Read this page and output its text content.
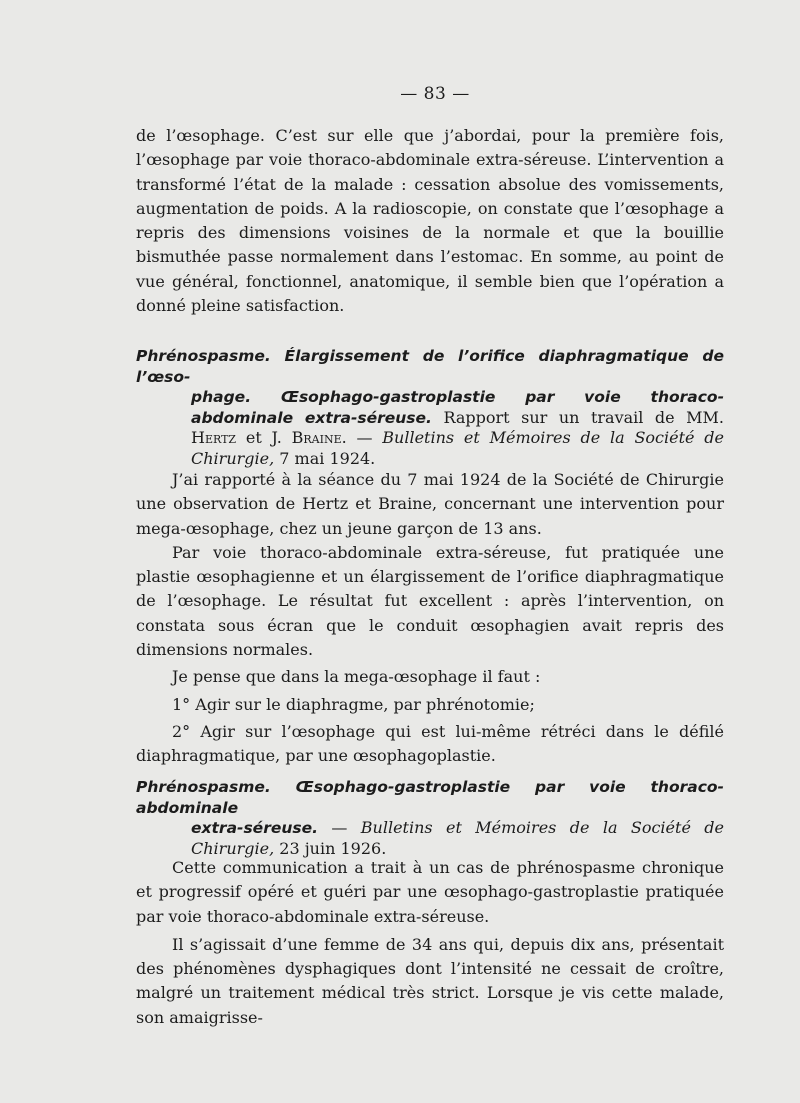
— 83 —

de l’œsophage. C’est sur elle que j’abordai, pour la première fois, l’œsophage par voie thoraco-abdominale extra-séreuse. L’intervention a transformé l’état de la malade : cessation absolue des vomissements, augmentation de poids. A la radioscopie, on constate que l’œsophage a repris des dimensions voisines de la normale et que la bouillie bismuthée passe normalement dans l’estomac. En somme, au point de vue général, fonctionnel, anatomique, il semble bien que l’opération a donné pleine satisfaction.

Phrénospasme. Élargissement de l’orifice diaphragmatique de l’œso-

phage. Œsophago-gastroplastie par voie thoraco-abdominale extra-séreuse. Rapport sur un travail de MM. Hertz et J. Braine. — Bulletins et Mémoires de la Société de Chirurgie, 7 mai 1924.

J’ai rapporté à la séance du 7 mai 1924 de la Société de Chirurgie une observation de Hertz et Braine, concernant une intervention pour mega-œsophage, chez un jeune garçon de 13 ans.

Par voie thoraco-abdominale extra-séreuse, fut pratiquée une plastie œsophagienne et un élargissement de l’orifice diaphragmatique de l’œsophage. Le résultat fut excellent : après l’intervention, on constata sous écran que le conduit œsophagien avait repris des dimensions normales.

Je pense que dans la mega-œsophage il faut :

1° Agir sur le diaphragme, par phrénotomie;

2° Agir sur l’œsophage qui est lui-même rétréci dans le défilé diaphragmatique, par une œsophagoplastie.

Phrénospasme. Œsophago-gastroplastie par voie thoraco-abdominale

extra-séreuse. — Bulletins et Mémoires de la Société de Chirurgie, 23 juin 1926.

Cette communication a trait à un cas de phrénospasme chronique et progressif opéré et guéri par une œsophago-gastroplastie pratiquée par voie thoraco-abdominale extra-séreuse.

Il s’agissait d’une femme de 34 ans qui, depuis dix ans, présentait des phénomènes dysphagiques dont l’intensité ne cessait de croître, malgré un traitement médical très strict. Lorsque je vis cette malade, son amaigrisse-
